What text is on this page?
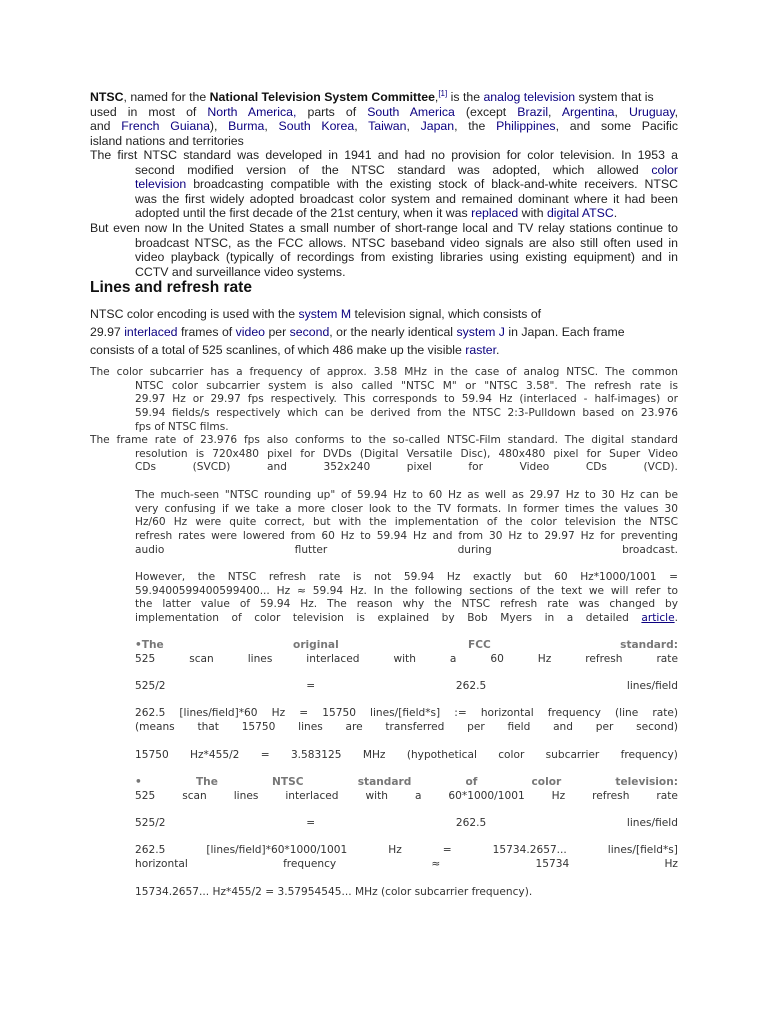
NTSC, named for the National Television System Committee,[1] is the analog television system that is
used in most of North America, parts of South America (except Brazil, Argentina, Uruguay,
and French Guiana), Burma, South Korea, Taiwan, Japan, the Philippines, and some Pacific
island nations and territories
The first NTSC standard was developed in 1941 and had no provision for color television. In 1953 a
second modified version of the NTSC standard was adopted, which allowed color
television broadcasting compatible with the existing stock of black-and-white receivers. NTSC
was the first widely adopted broadcast color system and remained dominant where it had been
adopted until the first decade of the 21st century, when it was replaced with digital ATSC.
But even now In the United States a small number of short-range local and TV relay stations continue to
broadcast NTSC, as the FCC allows. NTSC baseband video signals are also still often used in
video playback (typically of recordings from existing libraries using existing equipment) and in
CCTV and surveillance video systems.
Lines and refresh rate
NTSC color encoding is used with the system M television signal, which consists of
29.97 interlaced frames of video per second, or the nearly identical system J in Japan. Each frame
consists of a total of 525 scanlines, of which 486 make up the visible raster.
The color subcarrier has a frequency of approx. 3.58 MHz in the case of analog NTSC. The common
NTSC color subcarrier system is also called "NTSC M" or "NTSC 3.58". The refresh rate is
29.97 Hz or 29.97 fps respectively. This corresponds to 59.94 Hz (interlaced - half-images) or
59.94 fields/s respectively which can be derived from the NTSC 2:3-Pulldown based on 23.976
fps of NTSC films.
The frame rate of 23.976 fps also conforms to the so-called NTSC-Film standard. The digital standard
resolution is 720x480 pixel for DVDs (Digital Versatile Disc), 480x480 pixel for Super Video
CDs	(SVCD)	and	352x240	pixel	for	Video	CDs	(VCD).
The much-seen "NTSC rounding up" of 59.94 Hz to 60 Hz as well as 29.97 Hz to 30 Hz can be
very confusing if we take a more closer look to the TV formats. In former times the values 30
Hz/60 Hz were quite correct, but with the implementation of the color television the NTSC
refresh rates were lowered from 60 Hz to 59.94 Hz and from 30 Hz to 29.97 Hz for preventing
audio	flutter	during	broadcast.
However, the NTSC refresh rate is not 59.94 Hz exactly but 60 Hz*1000/1001 =
59.9400599400599400... Hz ≈ 59.94 Hz. In the following sections of the text we will refer to
the latter value of 59.94 Hz. The reason why the NTSC refresh rate was changed by
implementation of color television is explained by Bob Myers in a detailed article.
•The	original	FCC	standard:
525	scan	lines	interlaced	with	a	60	Hz	refresh	rate
525/2	=	262.5	lines/field
262.5 [lines/field]*60 Hz = 15750 lines/[field*s] := horizontal frequency (line rate)
(means that 15750 lines are transferred per field and per second)
15750 Hz*455/2 = 3.583125 MHz (hypothetical color subcarrier frequency)
•	The	NTSC	standard	of	color	television:
525	scan	lines	interlaced	with	a	60*1000/1001	Hz	refresh	rate
525/2	=	262.5	lines/field
262.5	[lines/field]*60*1000/1001	Hz	=	15734.2657...	lines/[field*s]
horizontal	frequency	≈	15734	Hz
15734.2657... Hz*455/2 = 3.57954545... MHz (color subcarrier frequency).
